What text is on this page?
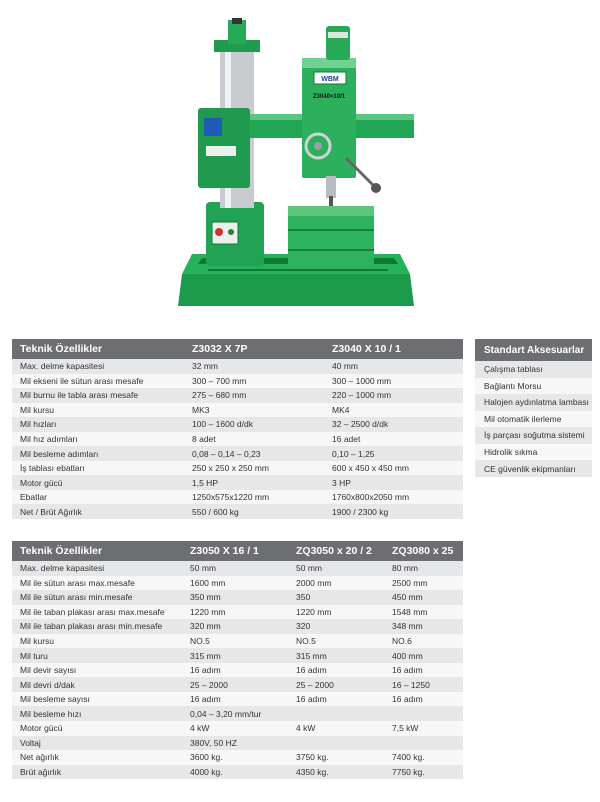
WBM
Z3040×10/1
Teknik Özellikler	Z3032 X 7P	Z3040 X 10 / 1
Max. delme kapasitesi	32 mm	40 mm
Mil ekseni ile sütun arası mesafe	300 – 700 mm	300 – 1000 mm
Mil burnu ile tabla arası mesafe	275 – 680 mm	220 – 1000 mm
Mil kursu	MK3	MK4
Mil hızları	100 – 1600 d/dk	32 – 2500 d/dk
Mil hız adımları	8 adet	16 adet
Mil besleme adımları	0,08 – 0,14 – 0,23	0,10 – 1,25
İş tablası ebatları	250 x 250 x 250 mm	600 x 450 x 450 mm
Motor gücü	1,5 HP	3 HP
Ebatlar	1250x575x1220 mm	1760x800x2050 mm
Net / Brüt Ağırlık	550 / 600 kg	1900 / 2300 kg
Standart Aksesuarlar
Çalışma tablası
Bağlantı Morsu
Halojen aydınlatma lambası
Mil otomatik ilerleme
İş parçası soğutma sistemi
Hidrolik sıkma
CE güvenlik ekipmanları
Teknik Özellikler	Z3050 X 16 / 1	ZQ3050 x 20 / 2	ZQ3080 x 25
Max. delme kapasitesi	50 mm	50 mm	80 mm
Mil ile sütun arası max.mesafe	1600 mm	2000 mm	2500 mm
Mil ile sütun arası min.mesafe	350 mm	350	450 mm
Mil ile taban plakası arası max.mesafe	1220 mm	1220 mm	1548 mm
Mil ile taban plakası arası min.mesafe	320 mm	320	348 mm
Mil kursu	NO.5	NO.5	NO.6
Mil turu	315 mm	315 mm	400 mm
Mil devir sayısı	16 adım	16 adım	16 adım
Mil devri d/dak	25 – 2000	25 – 2000	16 – 1250
Mil besleme sayısı	16 adım	16 adım	16 adım
Mil besleme hızı	0,04 – 3,20 mm/tur		
Motor gücü	4 kW	4 kW	7,5 kW
Voltaj	380V, 50 HZ		
Net ağırlık	3600 kg.	3750 kg.	7400 kg.
Brüt ağırlık	4000 kg.	4350 kg.	7750 kg.
